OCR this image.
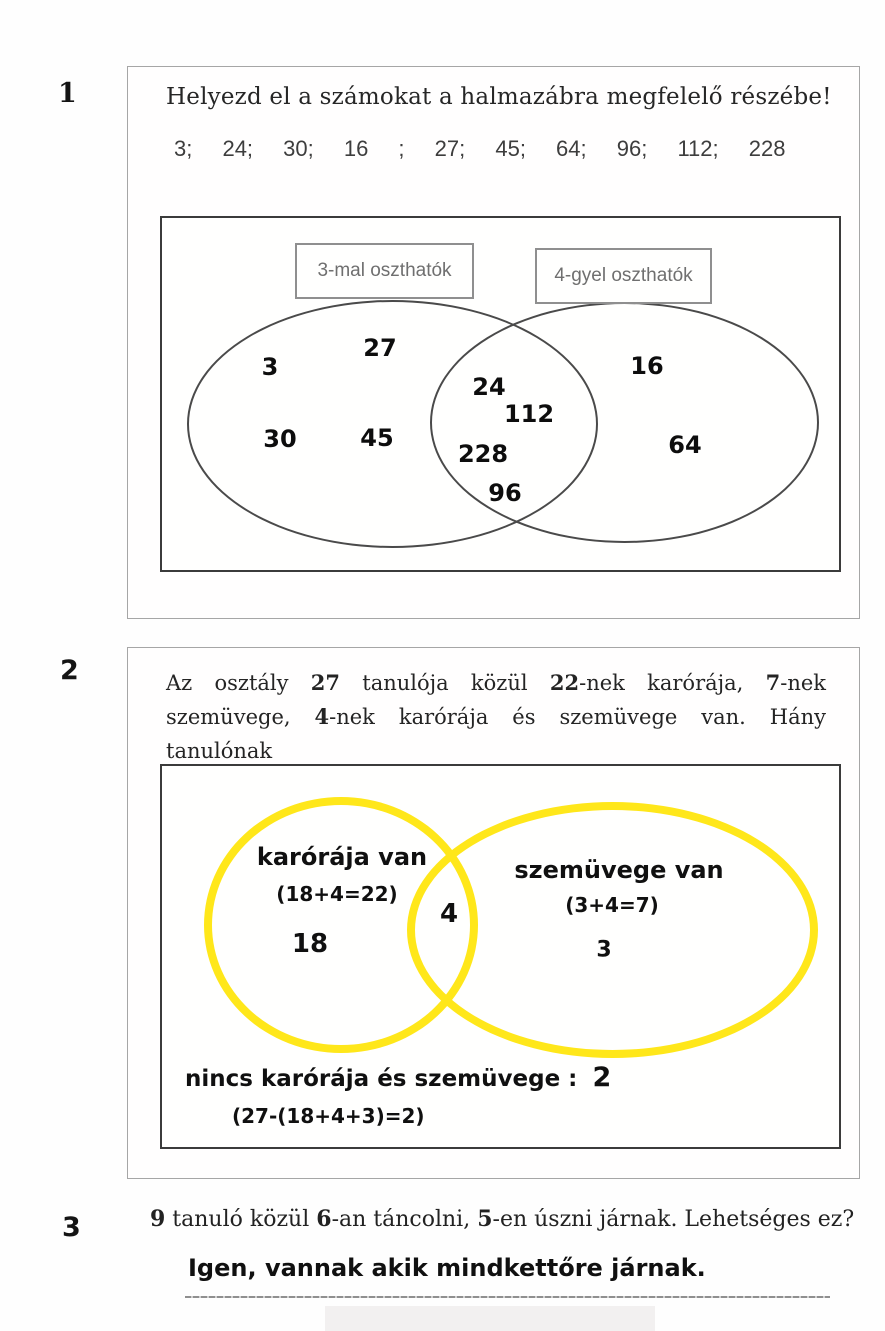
1	Helyezd el a számokat a halmazábra megfelelő részébe!
3; 24; 30; 16 ; 27; 45; 64; 96; 112; 228
3-mal oszthatók	4-gyel oszthatók
3
27
30	45
24
112
228
96
16
64
2	Az osztály 27 tanulója közül 22-nek karórája, 7-nek
szemüvege, 4-nek karórája és szemüvege van. Hány tanulónak
karórája van
(18+4=22)
18
4
szemüvege van
(3+4=7)
3
nincs karórája és szemüvege : 2
(27-(18+4+3)=2)
3	9 tanuló közül 6-an táncolni, 5-en úszni járnak. Lehetséges ez?
Igen, vannak akik mindkettőre járnak.
